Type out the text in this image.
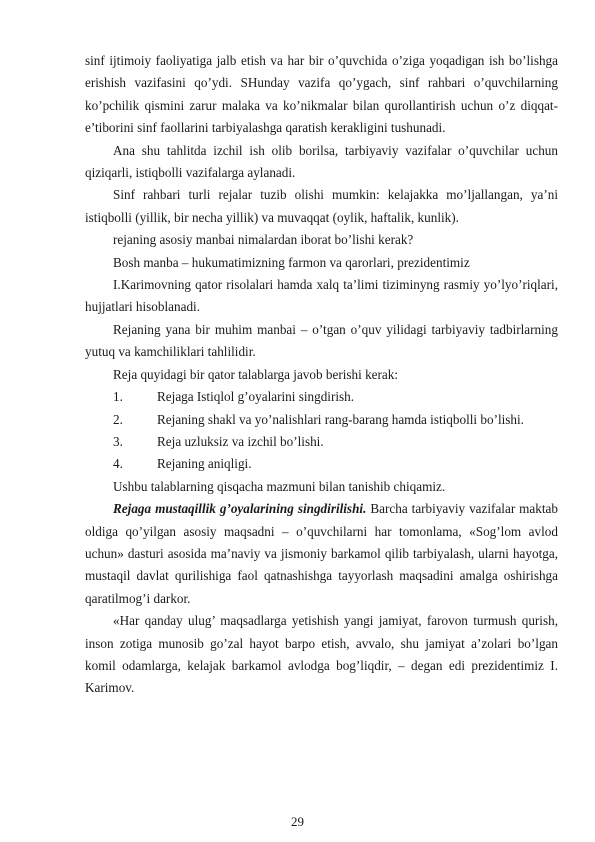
sinf ijtimoiy faoliyatiga jalb etish va har bir o’quvchida o’ziga yoqadigan ish bo’lishga erishish vazifasini qo’ydi. SHunday vazifa qo’ygach, sinf rahbari o’quvchilarning ko’pchilik qismini zarur malaka va ko’nikmalar bilan qurollantirish uchun o’z diqqat-e’tiborini sinf faollarini tarbiyalashga qaratish kerakligini tushunadi.

Ana shu tahlitda izchil ish olib borilsa, tarbiyaviy vazifalar o’quvchilar uchun qiziqarli, istiqbolli vazifalarga aylanadi.

Sinf rahbari turli rejalar tuzib olishi mumkin: kelajakka mo’ljallangan, ya’ni istiqbolli (yillik, bir necha yillik) va muvaqqat (oylik, haftalik, kunlik).

rejaning asosiy manbai nimalardan iborat bo’lishi kerak?

Bosh manba – hukumatimizning farmon va qarorlari, prezidentimiz

I.Karimovning qator risolalari hamda xalq ta’limi tiziminyng rasmiy yo’lyo’riqlari, hujjatlari hisoblanadi.

Rejaning yana bir muhim manbai – o’tgan o’quv yilidagi tarbiyaviy tadbirlarning yutuq va kamchiliklari tahlilidir.

Reja quyidagi bir qator talablarga javob berishi kerak:

1.	Rejaga Istiqlol g’oyalarini singdirish.
2.	Rejaning shakl va yo’nalishlari rang-barang hamda istiqbolli bo’lishi.
3.	Reja uzluksiz va izchil bo’lishi.
4.	Rejaning aniqligi.

Ushbu talablarning qisqacha mazmuni bilan tanishib chiqamiz.

Rejaga mustaqillik g’oyalarining singdirilishi. Barcha tarbiyaviy vazifalar maktab oldiga qo’yilgan asosiy maqsadni – o’quvchilarni har tomonlama, «Sog’lom avlod uchun» dasturi asosida ma’naviy va jismoniy barkamol qilib tarbiyalash, ularni hayotga, mustaqil davlat qurilishiga faol qatnashishga tayyorlash maqsadini amalga oshirishga qaratilmog’i darkor.

«Har qanday ulug’ maqsadlarga yetishish yangi jamiyat, farovon turmush qurish, inson zotiga munosib go’zal hayot barpo etish, avvalo, shu jamiyat a’zolari bo’lgan komil odamlarga, kelajak barkamol avlodga bog’liqdir, – degan edi prezidentimiz I. Karimov.

29
